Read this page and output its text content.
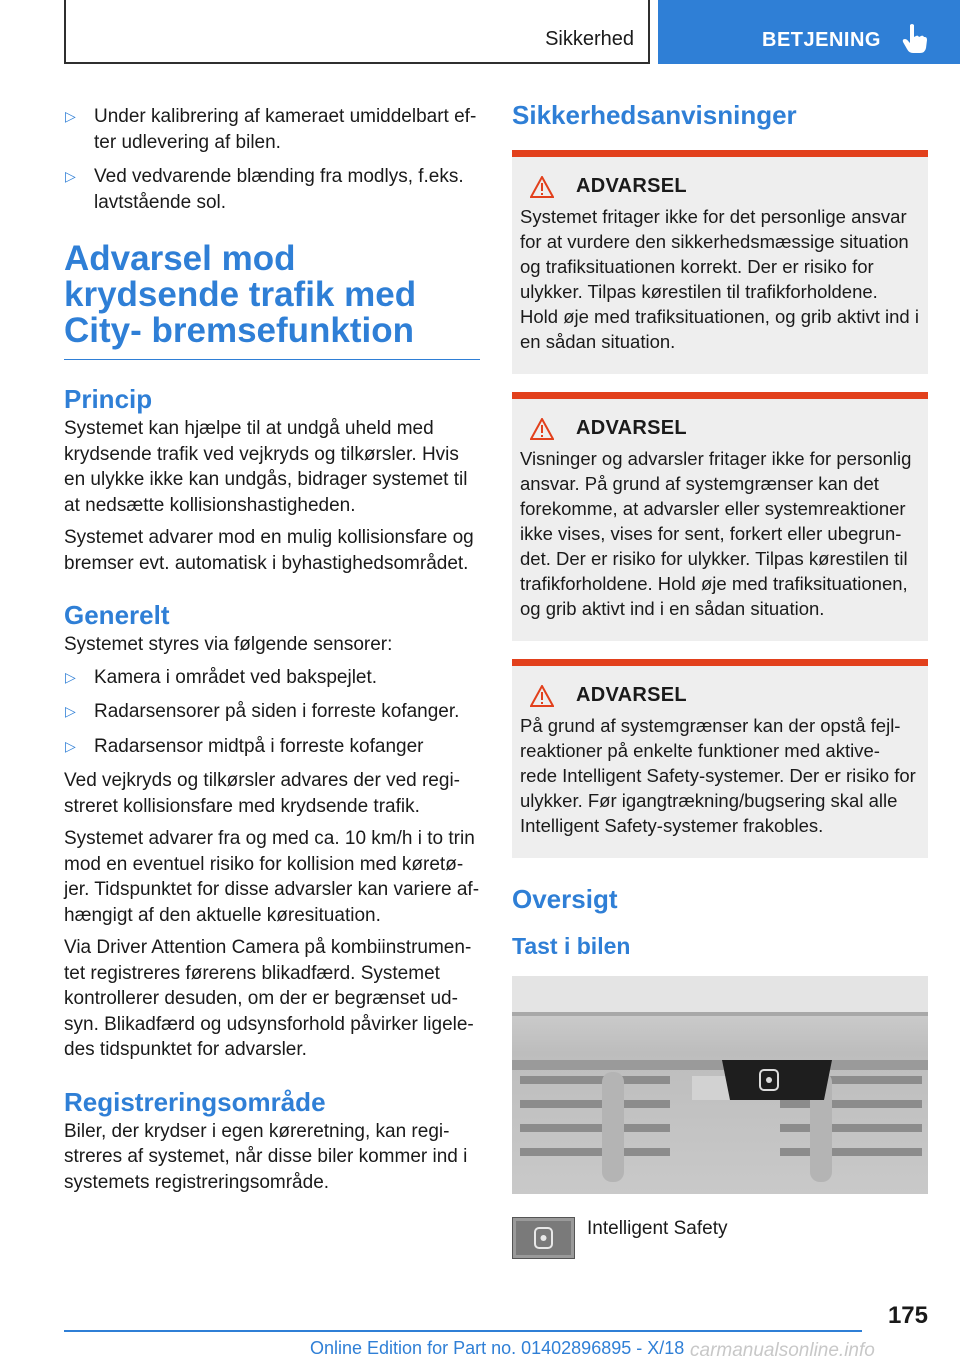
Sikkerhed	BETJENING
▷ Under kalibrering af kameraet umiddelbart ef- ter udlevering af bilen.
▷ Ved vedvarende blænding fra modlys, f.eks. lavtstående sol.
Advarsel mod krydsende trafik med City- bremsefunktion
Princip

Systemet kan hjælpe til at undgå uheld med krydsende trafik ved vejkryds og tilkørsler. Hvis en ulykke ikke kan undgås, bidrager systemet til at nedsætte kollisionshastigheden.

Systemet advarer mod en mulig kollisionsfare og bremser evt. automatisk i byhastighedsområdet.

Generelt

Systemet styres via følgende sensorer:

▷ Kamera i området ved bakspejlet.
▷ Radarsensorer på siden i forreste kofanger.
▷ Radarsensor midtpå i forreste kofanger

Ved vejkryds og tilkørsler advares der ved regi- streret kollisionsfare med krydsende trafik.

Systemet advarer fra og med ca. 10 km/h i to trin mod en eventuel risiko for kollision med køretø- jer. Tidspunktet for disse advarsler kan variere af- hængigt af den aktuelle køresituation.

Via Driver Attention Camera på kombiinstrumen- tet registreres førerens blikadfærd. Systemet kontrollerer desuden, om der er begrænset ud- syn. Blikadfærd og udsynsforhold påvirker ligele- des tidspunktet for advarsler.

Registreringsområde

Biler, der krydser i egen køreretning, kan regi- streres af systemet, når disse biler kommer ind i systemets registreringsområde.

Sikkerhedsanvisninger
ADVARSEL

Systemet fritager ikke for det personlige ansvar for at vurdere den sikkerhedsmæssige situation og trafiksituationen korrekt. Der er risiko for ulykker. Tilpas kørestilen til trafikforholdene. Hold øje med trafiksituationen, og grib aktivt ind i en sådan situation.

ADVARSEL

Visninger og advarsler fritager ikke for personlig ansvar. På grund af systemgrænser kan det forekomme, at advarsler eller systemreaktioner ikke vises, vises for sent, forkert eller ubegrun- det. Der er risiko for ulykker. Tilpas kørestilen til trafikforholdene. Hold øje med trafiksituationen, og grib aktivt ind i en sådan situation.

ADVARSEL

På grund af systemgrænser kan der opstå fejl- reaktioner på enkelte funktioner med aktive- rede Intelligent Safety-systemer. Der er risiko for ulykker. Før igangtrækning/bugsering skal alle Intelligent Safety-systemer frakobles.

Oversigt
Tast i bilen
Intelligent Safety
175
Online Edition for Part no. 01402896895 - X/18 carmanualsonline.info
